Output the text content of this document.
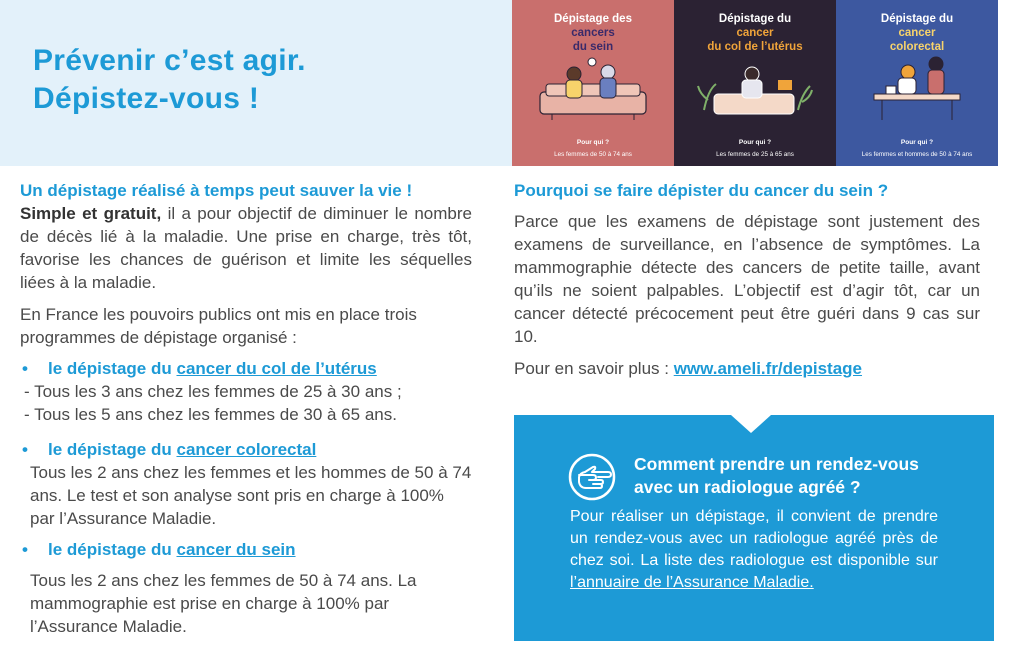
Prévenir c’est agir.
Dépistez-vous !
Dépistage des
cancers
du sein
Pour qui ?
Les femmes de 50 à 74 ans
Dépistage du
cancer
du col de l’utérus
Pour qui ?
Les femmes de 25 à 65 ans
Dépistage du
cancer
colorectal
Pour qui ?
Les femmes et hommes de 50 à 74 ans

Un dépistage réalisé à temps peut sauver la vie !

Simple et gratuit, il a pour objectif de diminuer le nombre de décès lié à la maladie. Une prise en charge, très tôt, favorise les chances de guérison et limite les séquelles liées à la maladie.

En France les pouvoirs publics ont mis en place trois programmes de dépistage organisé :

• le dépistage du cancer du col de l’utérus

- Tous les 3 ans chez les femmes de 25 à 30 ans ;

- Tous les 5 ans chez les femmes de 30 à 65 ans.

• le dépistage du cancer colorectal

Tous les 2 ans chez les femmes et les hommes de 50 à 74 ans. Le test et son analyse sont pris en charge à 100% par l’Assurance Maladie.

• le dépistage du cancer du sein

Tous les 2 ans chez les femmes de 50 à 74 ans. La mammographie est prise en charge à 100% par l’Assurance Maladie.

Pourquoi se faire dépister du cancer du sein ?

Parce que les examens de dépistage sont justement des examens de surveillance, en l’absence de symptômes. La mammographie détecte des cancers de petite taille, avant qu’ils ne soient palpables. L’objectif est d’agir tôt, car un cancer détecté précocement peut être guéri dans 9 cas sur 10.

Pour en savoir plus : www.ameli.fr/depistage

Comment prendre un rendez-vous avec un radiologue agréé ?

Pour réaliser un dépistage, il convient de prendre un rendez-vous avec un radiologue agréé près de chez soi. La liste des radiologue est disponible sur l’annuaire de l’Assurance Maladie.
